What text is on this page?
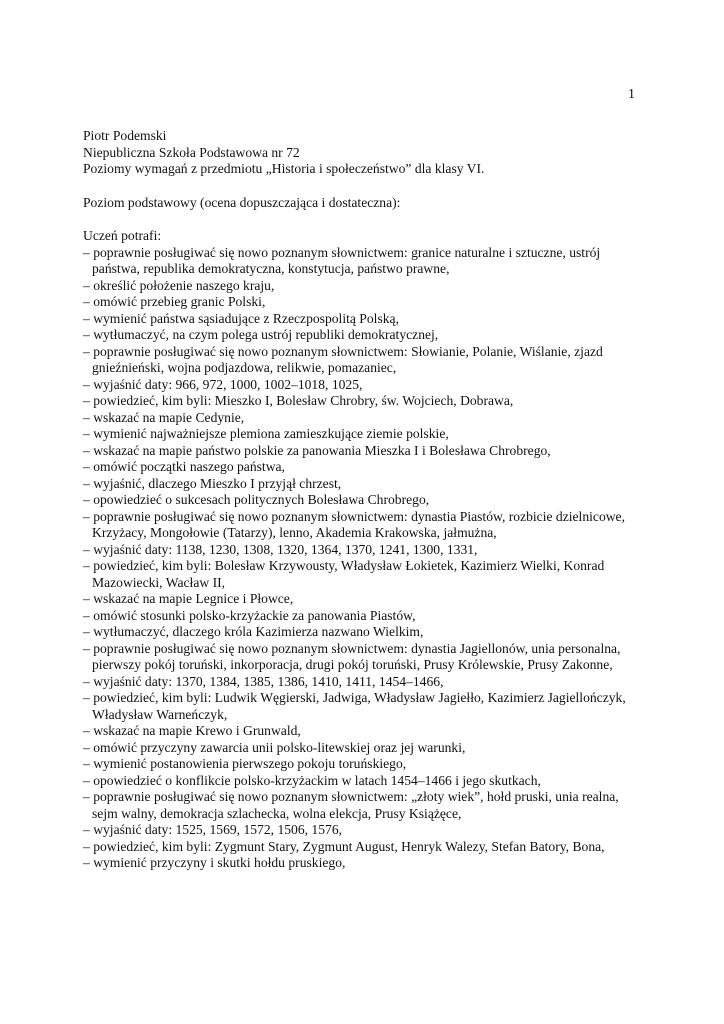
1

Piotr Podemski

Niepubliczna Szkoła Podstawowa nr 72

Poziomy wymagań z przedmiotu „Historia i społeczeństwo” dla klasy VI.

Poziom podstawowy (ocena dopuszczająca i dostateczna):

Uczeń potrafi:

– poprawnie posługiwać się nowo poznanym słownictwem: granice naturalne i sztuczne, ustrój państwa, republika demokratyczna, konstytucja, państwo prawne,
– określić położenie naszego kraju,
– omówić przebieg granic Polski,
– wymienić państwa sąsiadujące z Rzeczpospolitą Polską,
– wytłumaczyć, na czym polega ustrój republiki demokratycznej,
– poprawnie posługiwać się nowo poznanym słownictwem: Słowianie, Polanie, Wiślanie, zjazd gnieźnieński, wojna podjazdowa, relikwie, pomazaniec,
– wyjaśnić daty: 966, 972, 1000, 1002–1018, 1025,
– powiedzieć, kim byli: Mieszko I, Bolesław Chrobry, św. Wojciech, Dobrawa,
– wskazać na mapie Cedynie,
– wymienić najważniejsze plemiona zamieszkujące ziemie polskie,
– wskazać na mapie państwo polskie za panowania Mieszka I i Bolesława Chrobrego,
– omówić początki naszego państwa,
– wyjaśnić, dlaczego Mieszko I przyjął chrzest,
– opowiedzieć o sukcesach politycznych Bolesława Chrobrego,
– poprawnie posługiwać się nowo poznanym słownictwem: dynastia Piastów, rozbicie dzielnicowe, Krzyżacy, Mongołowie (Tatarzy), lenno, Akademia Krakowska, jałmużna,
– wyjaśnić daty: 1138, 1230, 1308, 1320, 1364, 1370, 1241, 1300, 1331,
– powiedzieć, kim byli: Bolesław Krzywousty, Władysław Łokietek, Kazimierz Wielki, Konrad Mazowiecki, Wacław II,
– wskazać na mapie Legnice i Płowce,
– omówić stosunki polsko-krzyżackie za panowania Piastów,
– wytłumaczyć, dlaczego króla Kazimierza nazwano Wielkim,
– poprawnie posługiwać się nowo poznanym słownictwem: dynastia Jagiellonów, unia personalna, pierwszy pokój toruński, inkorporacja, drugi pokój toruński, Prusy Królewskie, Prusy Zakonne,
– wyjaśnić daty: 1370, 1384, 1385, 1386, 1410, 1411, 1454–1466,
– powiedzieć, kim byli: Ludwik Węgierski, Jadwiga, Władysław Jagiełło, Kazimierz Jagiellończyk, Władysław Warneńczyk,
– wskazać na mapie Krewo i Grunwald,
– omówić przyczyny zawarcia unii polsko-litewskiej oraz jej warunki,
– wymienić postanowienia pierwszego pokoju toruńskiego,
– opowiedzieć o konflikcie polsko-krzyżackim w latach 1454–1466 i jego skutkach,
– poprawnie posługiwać się nowo poznanym słownictwem: „złoty wiek”, hołd pruski, unia realna, sejm walny, demokracja szlachecka, wolna elekcja, Prusy Książęce,
– wyjaśnić daty: 1525, 1569, 1572, 1506, 1576,
– powiedzieć, kim byli: Zygmunt Stary, Zygmunt August, Henryk Walezy, Stefan Batory, Bona,
– wymienić przyczyny i skutki hołdu pruskiego,
